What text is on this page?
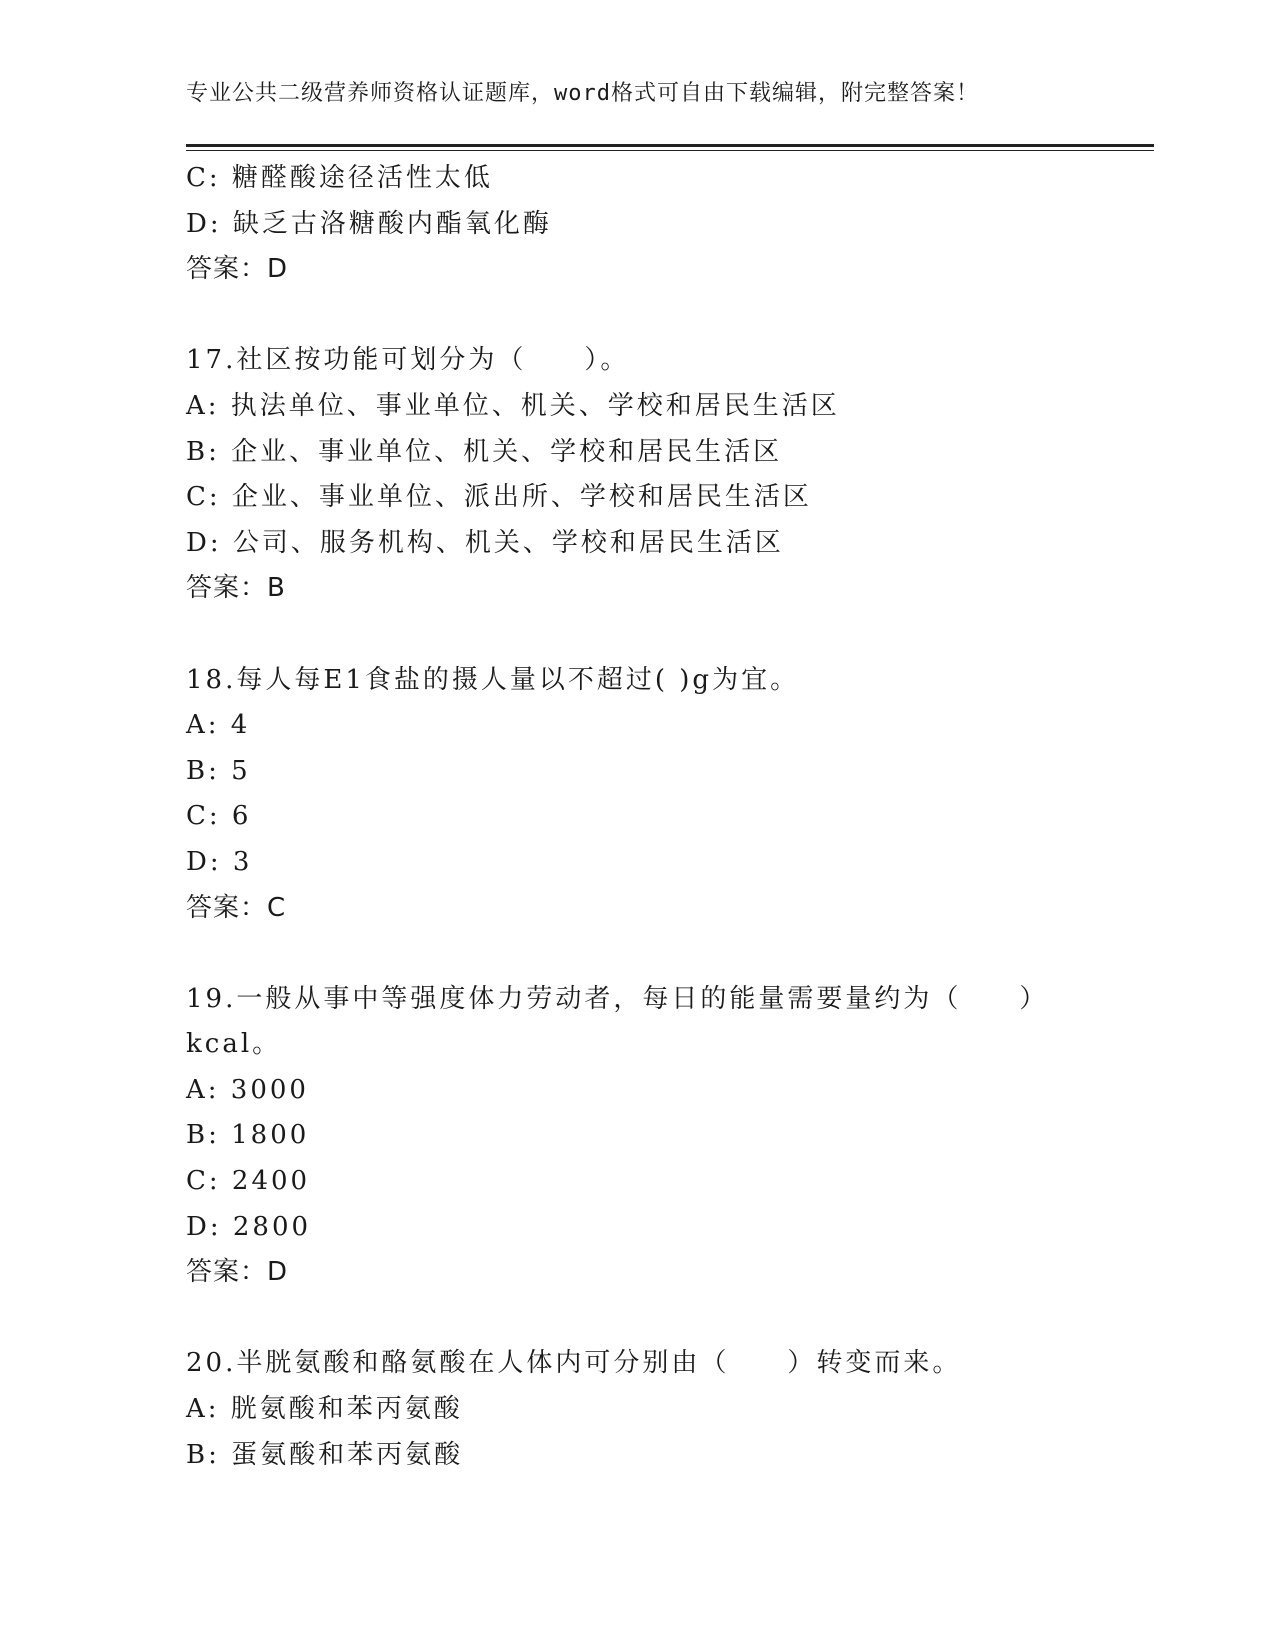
专业公共二级营养师资格认证题库，word格式可自由下载编辑，附完整答案！
C: 糖醛酸途径活性太低
D: 缺乏古洛糖酸内酯氧化酶
答案：D
17.社区按功能可划分为（　　）。
A: 执法单位、事业单位、机关、学校和居民生活区
B: 企业、事业单位、机关、学校和居民生活区
C: 企业、事业单位、派出所、学校和居民生活区
D: 公司、服务机构、机关、学校和居民生活区
答案：B
18.每人每E1食盐的摄人量以不超过( )g为宜。
A: 4
B: 5
C: 6
D: 3
答案：C
19.一般从事中等强度体力劳动者，每日的能量需要量约为（　　）
kcal。
A: 3000
B: 1800
C: 2400
D: 2800
答案：D
20.半胱氨酸和酪氨酸在人体内可分别由（　　）转变而来。
A: 胱氨酸和苯丙氨酸
B: 蛋氨酸和苯丙氨酸
